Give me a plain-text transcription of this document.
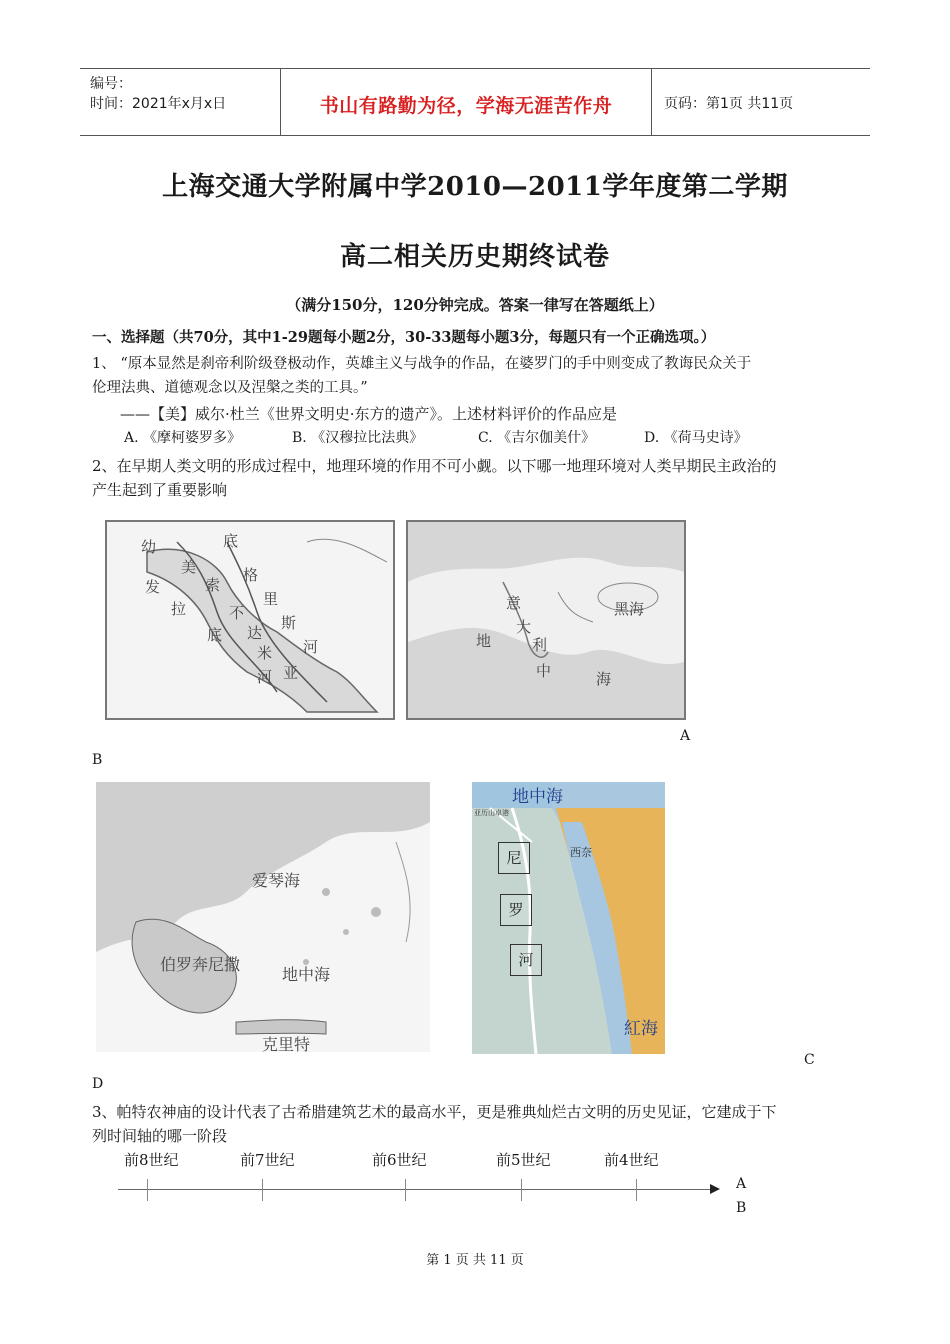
编号：
时间：2021年x月x日	书山有路勤为径，学海无涯苦作舟	页码：第1页 共11页
上海交通大学附属中学2010—2011学年度第二学期
高二相关历史期终试卷
（满分150分，120分钟完成。答案一律写在答题纸上）
一、选择题（共70分，其中1-29题每小题2分，30-33题每小题3分，每题只有一个正确选项。）
1、 “原本显然是刹帝利阶级登极动作，英雄主义与战争的作品，在婆罗门的手中则变成了教诲民众关于
伦理法典、道德观念以及涅槃之类的工具。”
——【美】威尔·杜兰《世界文明史·东方的遗产》。上述材料评价的作品应是
A. 《摩柯婆罗多》	B. 《汉穆拉比法典》	C. 《吉尔伽美什》	D. 《荷马史诗》
2、在早期人类文明的形成过程中，地理环境的作用不可小觑。以下哪一地理环境对人类早期民主政治的
产生起到了重要影响
幼
发
拉
底
美
索
不
达
米
亚
格
里
斯
河
底
河
黑海
意
大
利
地
中	海
A
B
爱琴海
伯罗奔尼撒
地中海
克里特
地中海
亚历山卓港
西奈
尼
罗
河
紅海
C
D
3、帕特农神庙的设计代表了古希腊建筑艺术的最高水平，更是雅典灿烂古文明的历史见证，它建成于下
列时间轴的哪一阶段
前8世纪	前7世纪	前6世纪	前5世纪	前4世纪
A
B
第 1 页 共 11 页
